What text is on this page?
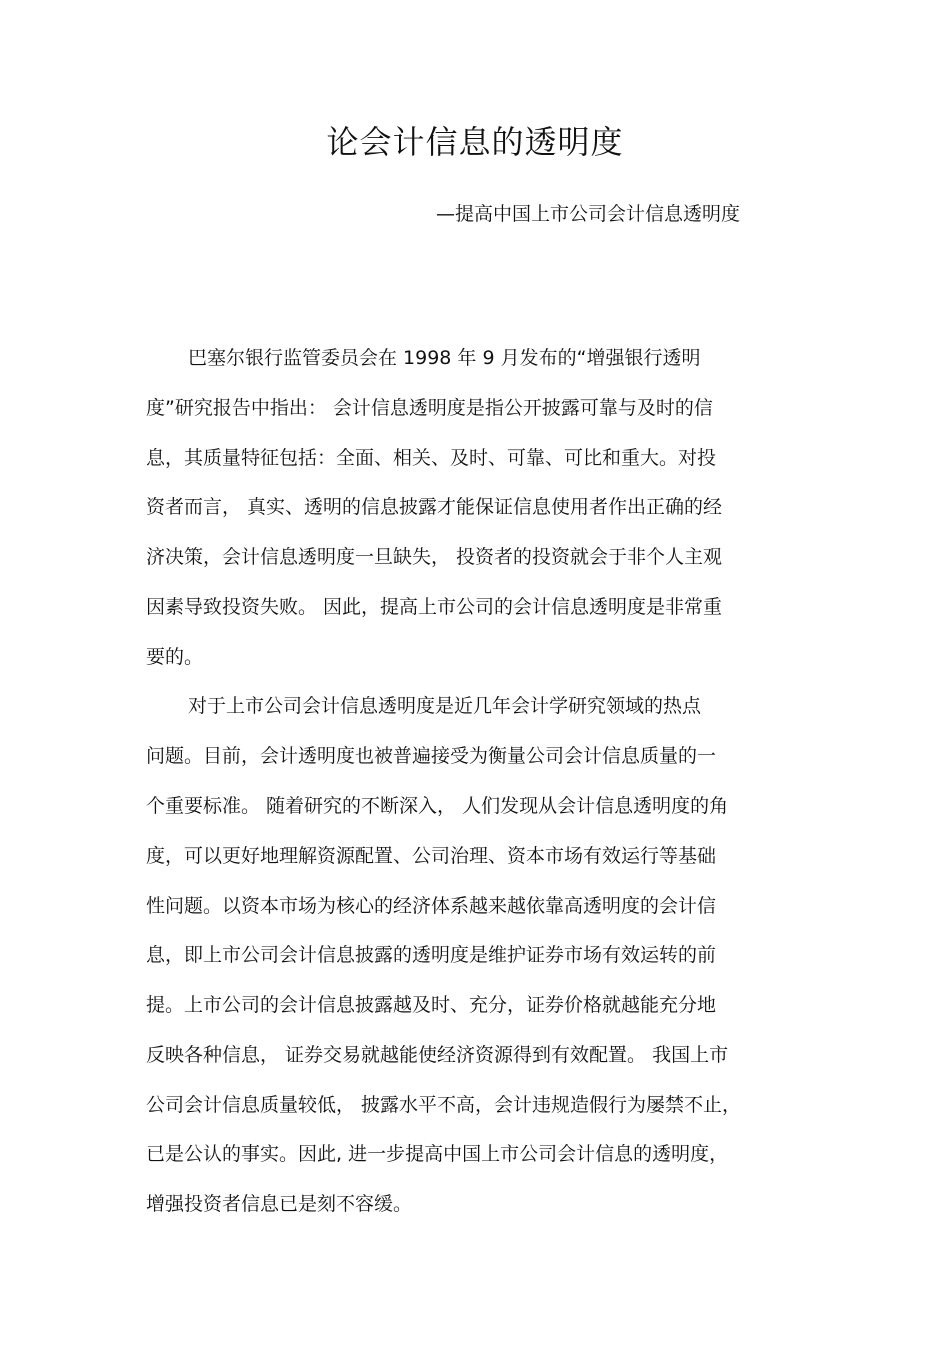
论会计信息的透明度
—提高中国上市公司会计信息透明度
巴塞尔银行监管委员会在 1998 年 9 月发布的“增强银行透明
度”研究报告中指出： 会计信息透明度是指公开披露可靠与及时的信
息，其质量特征包括：全面、相关、及时、可靠、可比和重大。对投
资者而言， 真实、透明的信息披露才能保证信息使用者作出正确的经
济决策，会计信息透明度一旦缺失， 投资者的投资就会于非个人主观
因素导致投资失败。 因此，提高上市公司的会计信息透明度是非常重
要的。
对于上市公司会计信息透明度是近几年会计学研究领域的热点
问题。目前，会计透明度也被普遍接受为衡量公司会计信息质量的一
个重要标准。 随着研究的不断深入， 人们发现从会计信息透明度的角
度，可以更好地理解资源配置、公司治理、资本市场有效运行等基础
性问题。以资本市场为核心的经济体系越来越依靠高透明度的会计信
息，即上市公司会计信息披露的透明度是维护证券市场有效运转的前
提。上市公司的会计信息披露越及时、充分，证券价格就越能充分地
反映各种信息， 证券交易就越能使经济资源得到有效配置。 我国上市
公司会计信息质量较低， 披露水平不高，会计违规造假行为屡禁不止，
已是公认的事实。因此, 进一步提高中国上市公司会计信息的透明度，
增强投资者信息已是刻不容缓。
